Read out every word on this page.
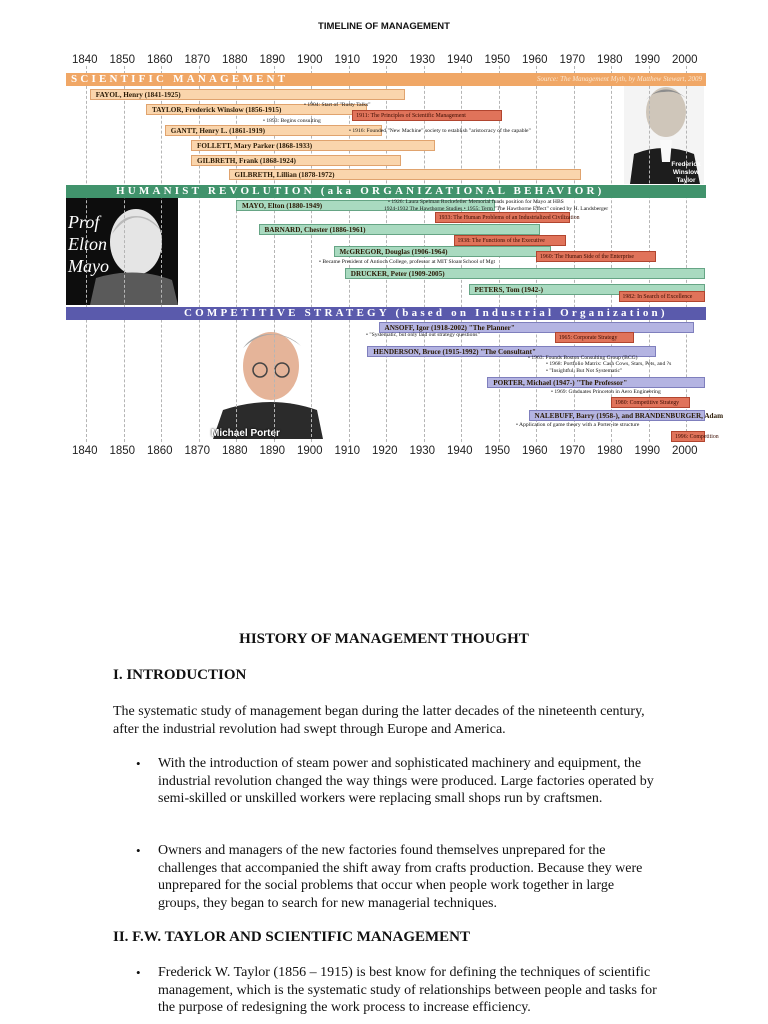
TIMELINE OF MANAGEMENT
Frederick Winslow Taylor
Prof Elton Mayo
Michael Porter
1840
1840
1850
1850
1860
1860
1870
1870
1880
1880
1890
1890
1900
1900
1910
1910
1920
1920
1930
1930
1940
1940
1950
1950
1960
1960
1970
1970
1980
1980
1990
1990
2000
2000
SCIENTIFIC MANAGEMENT	Source: The Management Myth, by Matthew Stewart, 2009
HUMANIST REVOLUTION (aka ORGANIZATIONAL BEHAVIOR)
COMPETITIVE STRATEGY (based on Industrial Organization)
FAYOL, Henry (1841-1925)
TAYLOR, Frederick Winslow (1856-1915)
GANTT, Henry L. (1861-1919)
FOLLETT, Mary Parker (1868-1933)
GILBRETH, Frank (1868-1924)
GILBRETH, Lillian (1878-1972)
MAYO, Elton (1880-1949)
BARNARD, Chester (1886-1961)
McGREGOR, Douglas (1906-1964)
DRUCKER, Peter (1909-2005)
PETERS, Tom (1942-)
ANSOFF, Igor (1918-2002) "The Planner"
HENDERSON, Bruce (1915-1992) "The Consultant"
PORTER, Michael (1947-) "The Professor"
NALEBUFF, Barry (1958-), and BRANDENBURGER, Adam
1911: The Principles of Scientific Management
1933: The Human Problems of an Industrialized Civilization
1938: The Functions of the Executive
1960: The Human Side of the Enterprise
1982: In Search of Excellence
1965: Corporate Strategy
1980: Competitive Strategy
1996: Competition
• 1904: Start of "Rusty Talks"
• 1893: Begins consulting
• 1916: Founded "New Machine" society to establish "aristocracy of the capable"
• 1926: Laura Spelman Rockefeller Memorial funds position for Mayo at HBS
1924-1932 The Hawthorne Studies • 1955: Term "The Hawthorne Effect" coined by H. Landsberger
• Became President of Antioch College, professor at MIT Sloan School of Mgt
• "Systematic, but only laid out strategy questions"
• 1963: Founds Boston Consulting Group (BCG)
• 1968: Portfolio Matrix: Cash Cows, Stars, Pets, and ?s
• "Insightful, But Not Systematic"
• 1969: Graduates Princeton in Aero Engineering
• Application of game theory with a Porter-ite structure
HISTORY OF MANAGEMENT THOUGHT
I. INTRODUCTION

The systematic study of management began during the latter decades of the nineteenth century, after the industrial revolution had swept through Europe and America.

• With the introduction of steam power and sophisticated machinery and equipment, the industrial revolution changed the way things were produced. Large factories operated by semi-skilled or unskilled workers were replacing small shops run by craftsmen.

• Owners and managers of the new factories found themselves unprepared for the challenges that accompanied the shift away from crafts production. Because they were unprepared for the social problems that occur when people work together in large groups, they began to search for new managerial techniques.

II. F.W. TAYLOR AND SCIENTIFIC MANAGEMENT
• Frederick W. Taylor (1856 – 1915) is best know for defining the techniques of scientific management, which is the systematic study of relationships between people and tasks for the purpose of redesigning the work process to increase efficiency.
